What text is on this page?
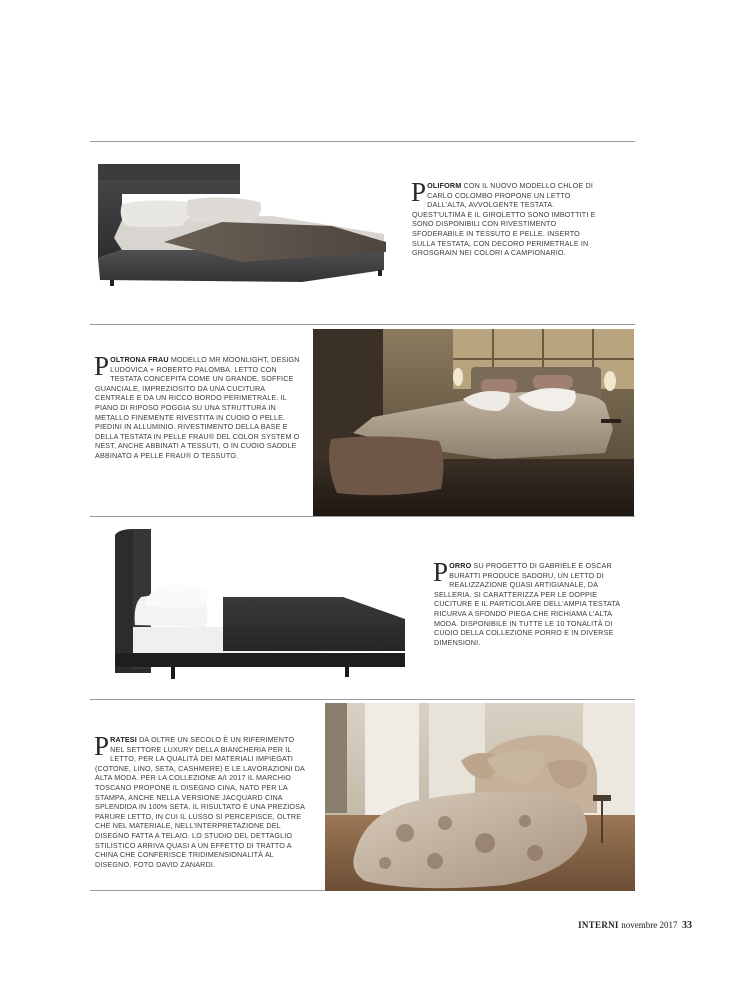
POLIFORM CON IL NUOVO MODELLO CHLOE DI CARLO COLOMBO PROPONE UN LETTO DALL'ALTA, AVVOLGENTE TESTATA. QUEST'ULTIMA E IL GIROLETTO SONO IMBOTTITI E SONO DISPONIBILI CON RIVESTIMENTO SFODERABILE IN TESSUTO E PELLE. INSERTO SULLA TESTATA, CON DECORO PERIMETRALE IN GROSGRAIN NEI COLORI A CAMPIONARIO.

POLTRONA FRAU MODELLO MR MOONLIGHT, DESIGN LUDOVICA + ROBERTO PALOMBA. LETTO CON TESTATA CONCEPITA COME UN GRANDE, SOFFICE GUANCIALE, IMPREZIOSITO DA UNA CUCITURA CENTRALE E DA UN RICCO BORDO PERIMETRALE. IL PIANO DI RIPOSO POGGIA SU UNA STRUTTURA IN METALLO FINEMENTE RIVESTITA IN CUOIO O PELLE. PIEDINI IN ALLUMINIO. RIVESTIMENTO DELLA BASE E DELLA TESTATA IN PELLE FRAU® DEL COLOR SYSTEM O NEST, ANCHE ABBINATI A TESSUTI, O IN CUOIO SADDLE ABBINATO A PELLE FRAU® O TESSUTO.

PORRO SU PROGETTO DI GABRIELE E OSCAR BURATTI PRODUCE SADORU, UN LETTO DI REALIZZAZIONE QUASI ARTIGIANALE, DA SELLERIA. SI CARATTERIZZA PER LE DOPPIE CUCITURE E IL PARTICOLARE DELL'AMPIA TESTATA RICURVA A SFONDO PIEGA CHE RICHIAMA L'ALTA MODA. DISPONIBILE IN TUTTE LE 10 TONALITÀ DI CUOIO DELLA COLLEZIONE PORRO E IN DIVERSE DIMENSIONI.

PRATESI DA OLTRE UN SECOLO È UN RIFERIMENTO NEL SETTORE LUXURY DELLA BIANCHERIA PER IL LETTO, PER LA QUALITÀ DEI MATERIALI IMPIEGATI (COTONE, LINO, SETA, CASHMERE) E LE LAVORAZIONI DA ALTA MODA. PER LA COLLEZIONE A/I 2017 IL MARCHIO TOSCANO PROPONE IL DISEGNO CINA, NATO PER LA STAMPA, ANCHE NELLA VERSIONE JACQUARD CINA SPLENDIDA IN 100% SETA. IL RISULTATO È UNA PREZIOSA PARURE LETTO, IN CUI IL LUSSO SI PERCEPISCE, OLTRE CHE NEL MATERIALE, NELL'INTERPRETAZIONE DEL DISEGNO FATTA A TELAIO. LO STUDIO DEL DETTAGLIO STILISTICO ARRIVA QUASI A UN EFFETTO DI TRATTO A CHINA CHE CONFERISCE TRIDIMENSIONALITÀ AL DISEGNO. FOTO DAVID ZANARDI.

INTERNI novembre 2017 33
